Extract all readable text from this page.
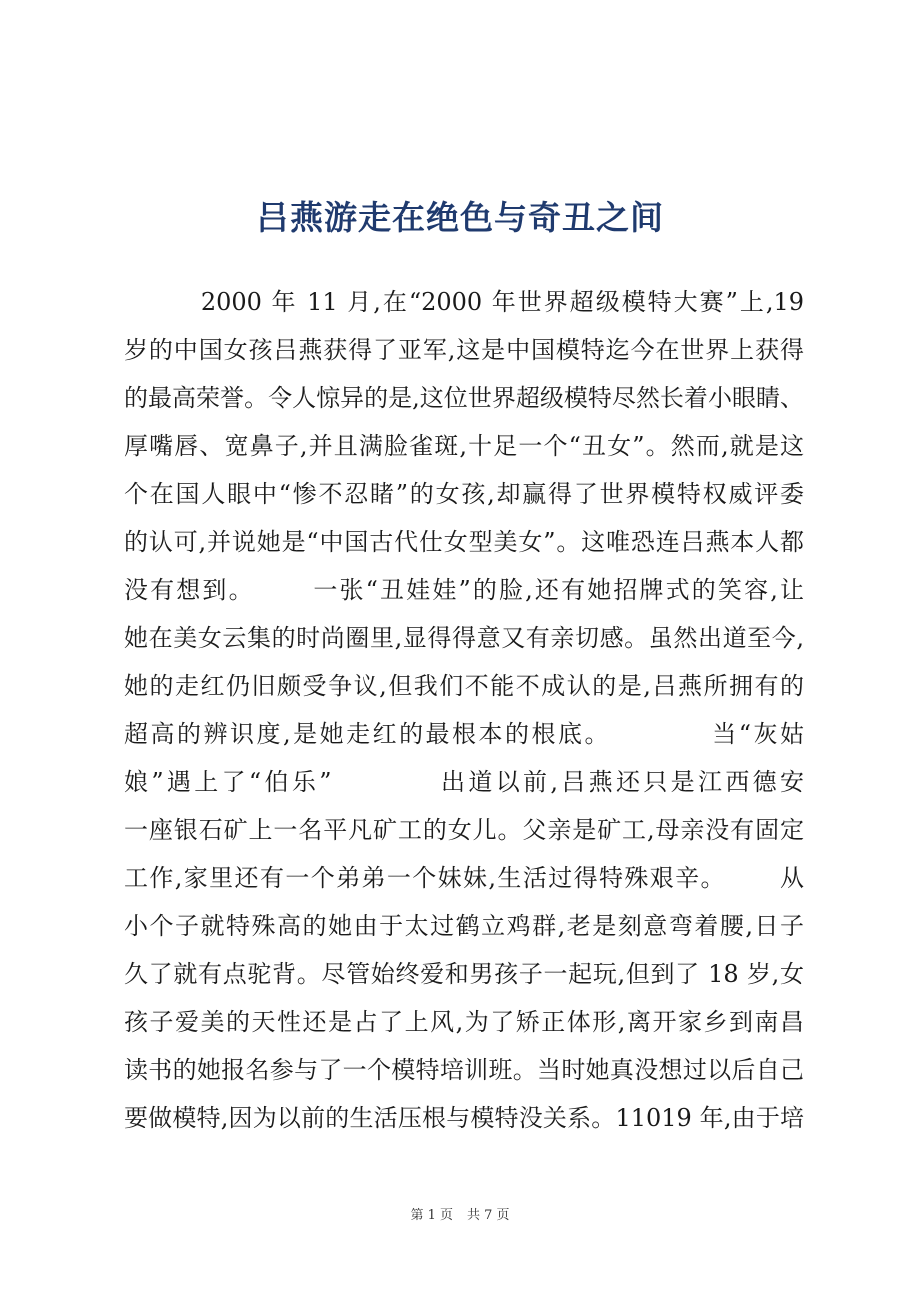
吕燕游走在绝色与奇丑之间
2000 年 11 月,在“2000 年世界超级模特大赛”上,19
岁的中国女孩吕燕获得了亚军,这是中国模特迄今在世界上获得
的最高荣誉。令人惊异的是,这位世界超级模特尽然长着小眼睛、
厚嘴唇、宽鼻子,并且满脸雀斑,十足一个“丑女”。然而,就是这
个在国人眼中“惨不忍睹”的女孩,却赢得了世界模特权威评委
的认可,并说她是“中国古代仕女型美女”。这唯恐连吕燕本人都
没有想到。      一张“丑娃娃”的脸,还有她招牌式的笑容,让
她在美女云集的时尚圈里,显得得意又有亲切感。虽然出道至今,
她的走红仍旧颇受争议,但我们不能不成认的是,吕燕所拥有的
超高的辨识度,是她走红的最根本的根底。          当“灰姑
娘”遇上了“伯乐”          出道以前,吕燕还只是江西德安
一座银石矿上一名平凡矿工的女儿。父亲是矿工,母亲没有固定
工作,家里还有一个弟弟一个妹妹,生活过得特殊艰辛。      从
小个子就特殊高的她由于太过鹤立鸡群,老是刻意弯着腰,日子
久了就有点驼背。尽管始终爱和男孩子一起玩,但到了 18 岁,女
孩子爱美的天性还是占了上风,为了矫正体形,离开家乡到南昌
读书的她报名参与了一个模特培训班。当时她真没想过以后自己
要做模特,因为以前的生活压根与模特没关系。11019 年,由于培
第 1 页 共 7 页
